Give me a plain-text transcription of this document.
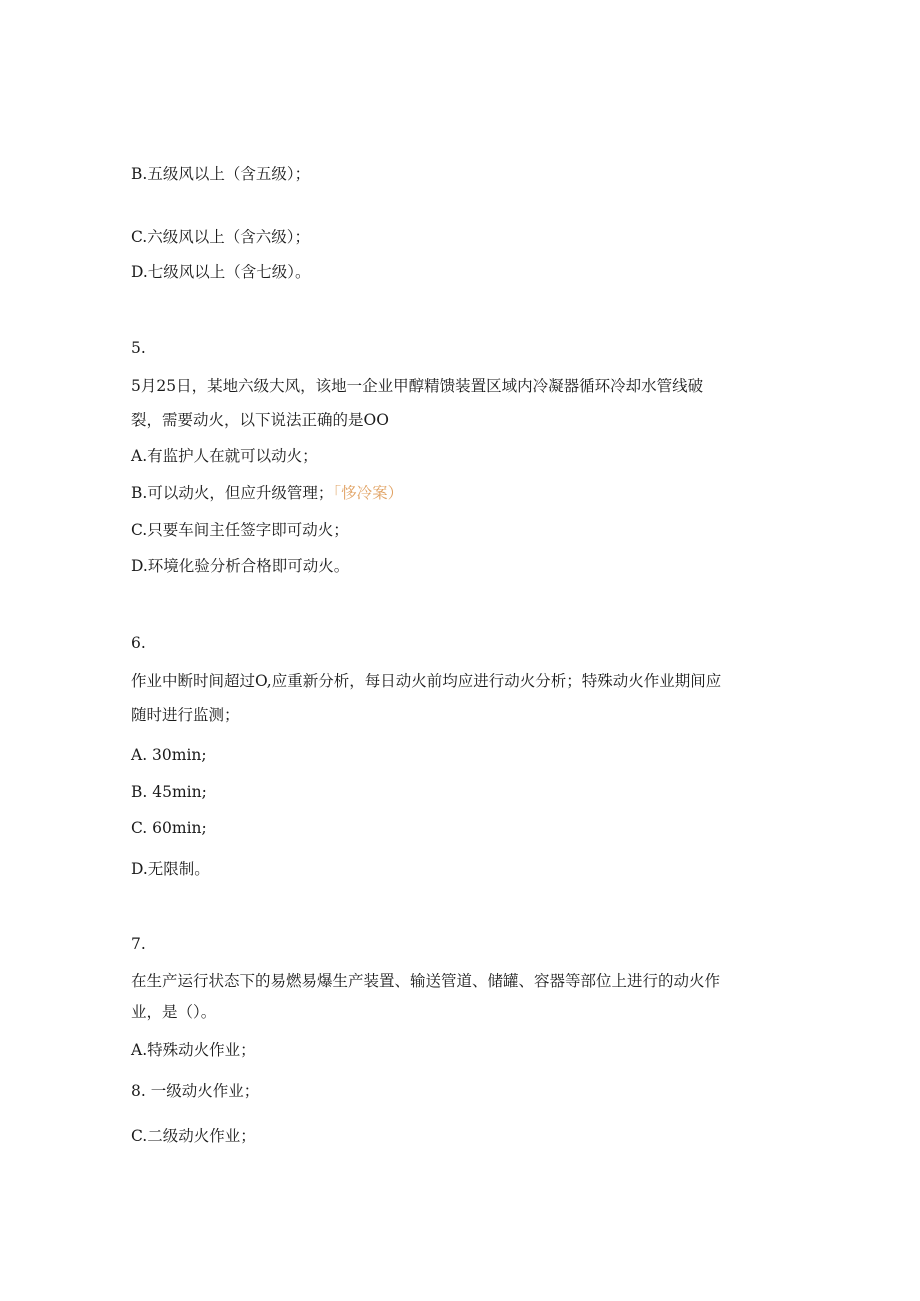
B.五级风以上（含五级）；

C.六级风以上（含六级）；

D.七级风以上（含七级）。

5.

5月25日，某地六级大风，该地一企业甲醇精馈装置区域内冷凝器循环冷却水管线破

裂，需要动火，以下说法正确的是OO

A.有监护人在就可以动火；

B.可以动火，但应升级管理；「恀冷案）

C.只要车间主任签字即可动火；

D.环境化验分析合格即可动火。

6.

作业中断时间超过O,应重新分析，每日动火前均应进行动火分析；特殊动火作业期间应

随时进行监测；

A. 30min;

B. 45min;

C. 60min;

D.无限制。

7.

在生产运行状态下的易燃易爆生产装置、输送管道、储罐、容器等部位上进行的动火作

业，是（）。

A.特殊动火作业；

8. 一级动火作业；

C.二级动火作业；
